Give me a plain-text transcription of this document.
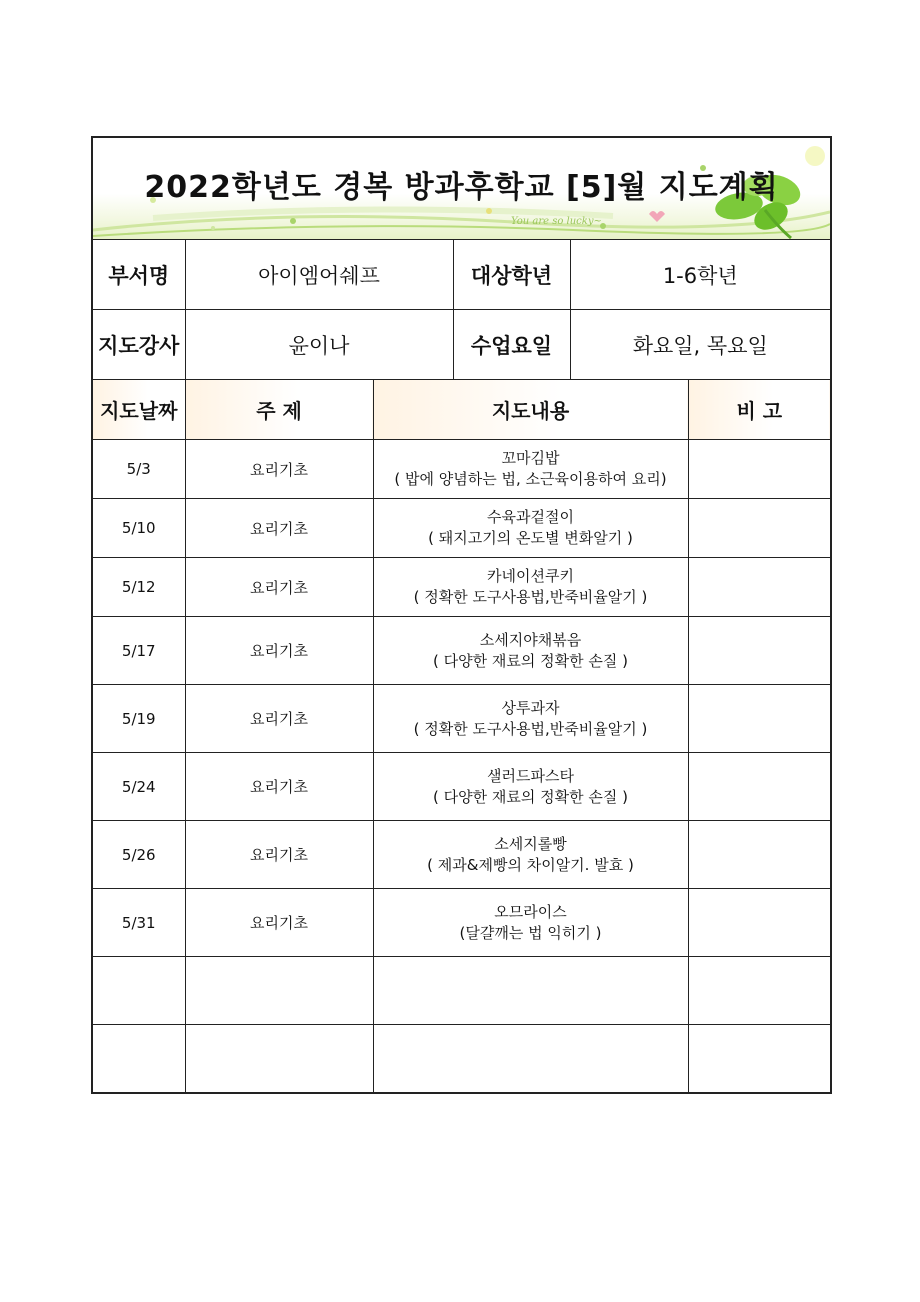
You are so lucky~
2022학년도 경복 방과후학교 [5]월 지도계획
부서명	아이엠어쉐프	대상학년	1-6학년
지도강사	윤이나	수업요일	화요일, 목요일
지도날짜	주 제	지도내용	비 고
5/3	요리기초	꼬마김밥
( 밥에 양념하는 법, 소근육이용하여 요리)	

5/10	요리기초	수육과겉절이
( 돼지고기의 온도별 변화알기 )	

5/12	요리기초	카네이션쿠키
( 정확한 도구사용법,반죽비율알기 )	

5/17	요리기초	소세지야채볶음
( 다양한 재료의 정확한 손질 )	

5/19	요리기초	상투과자
( 정확한 도구사용법,반죽비율알기 )	

5/24	요리기초	샐러드파스타
( 다양한 재료의 정확한 손질 )	

5/26	요리기초	소세지롤빵
( 제과&제빵의 차이알기. 발효 )	

5/31	요리기초	오므라이스
(달걀깨는 법 익히기 )	
